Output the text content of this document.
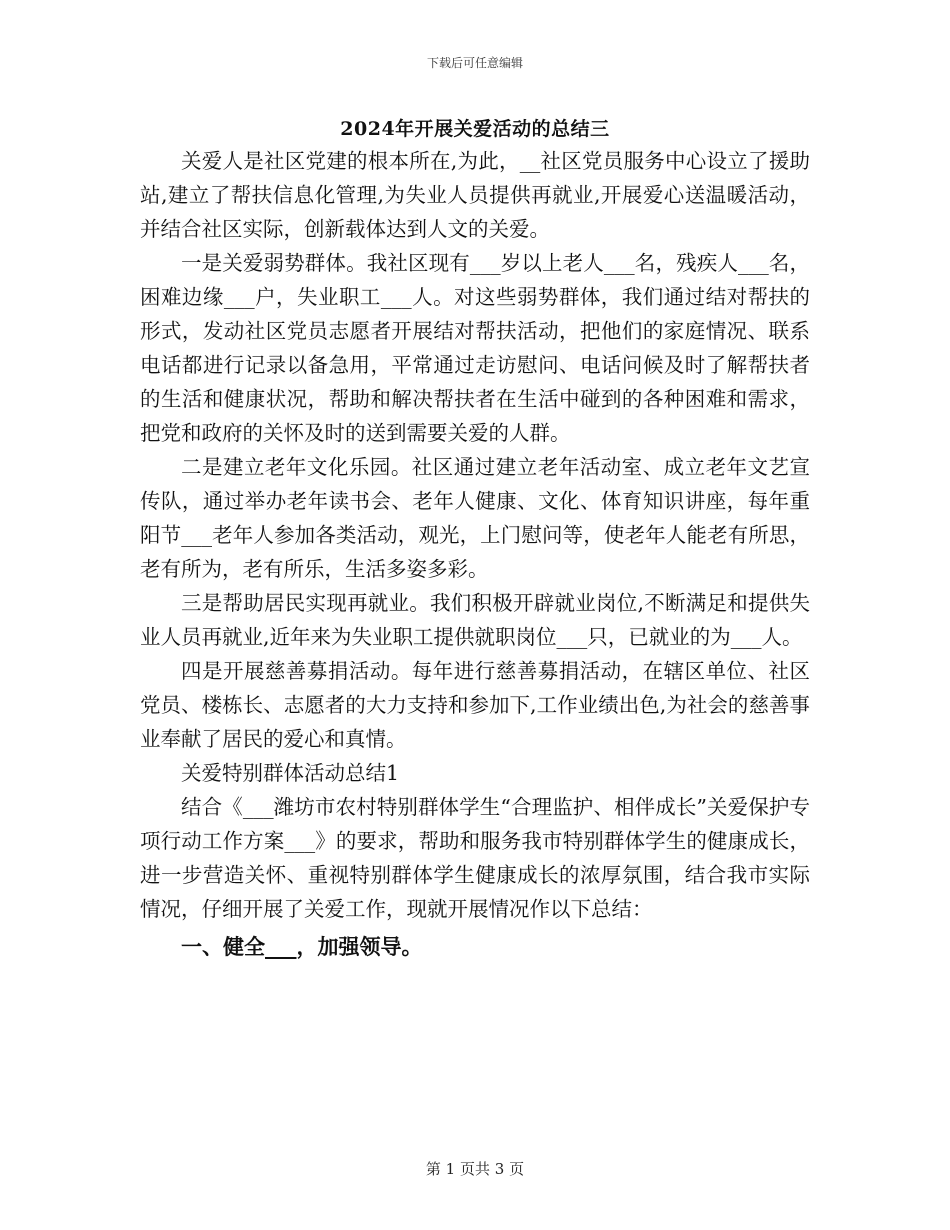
下载后可任意编辑
2024年开展关爱活动的总结三

关爱人是社区党建的根本所在,为此，__社区党员服务中心设立了援助站,建立了帮扶信息化管理,为失业人员提供再就业,开展爱心送温暖活动，并结合社区实际，创新载体达到人文的关爱。

一是关爱弱势群体。我社区现有___岁以上老人___名，残疾人___名，困难边缘___户，失业职工___人。对这些弱势群体，我们通过结对帮扶的形式，发动社区党员志愿者开展结对帮扶活动，把他们的家庭情况、联系电话都进行记录以备急用，平常通过走访慰问、电话问候及时了解帮扶者的生活和健康状况，帮助和解决帮扶者在生活中碰到的各种困难和需求，把党和政府的关怀及时的送到需要关爱的人群。

二是建立老年文化乐园。社区通过建立老年活动室、成立老年文艺宣传队，通过举办老年读书会、老年人健康、文化、体育知识讲座，每年重阳节___老年人参加各类活动，观光，上门慰问等，使老年人能老有所思，老有所为，老有所乐，生活多姿多彩。

三是帮助居民实现再就业。我们积极开辟就业岗位,不断满足和提供失业人员再就业,近年来为失业职工提供就职岗位___只，已就业的为___人。

四是开展慈善募捐活动。每年进行慈善募捐活动，在辖区单位、社区党员、楼栋长、志愿者的大力支持和参加下,工作业绩出色,为社会的慈善事业奉献了居民的爱心和真情。

关爱特别群体活动总结1

结合《___潍坊市农村特别群体学生“合理监护、相伴成长”关爱保护专项行动工作方案___》的要求，帮助和服务我市特别群体学生的健康成长，进一步营造关怀、重视特别群体学生健康成长的浓厚氛围，结合我市实际情况，仔细开展了关爱工作，现就开展情况作以下总结：

一、健全___，加强领导。

第 1 页共 3 页
